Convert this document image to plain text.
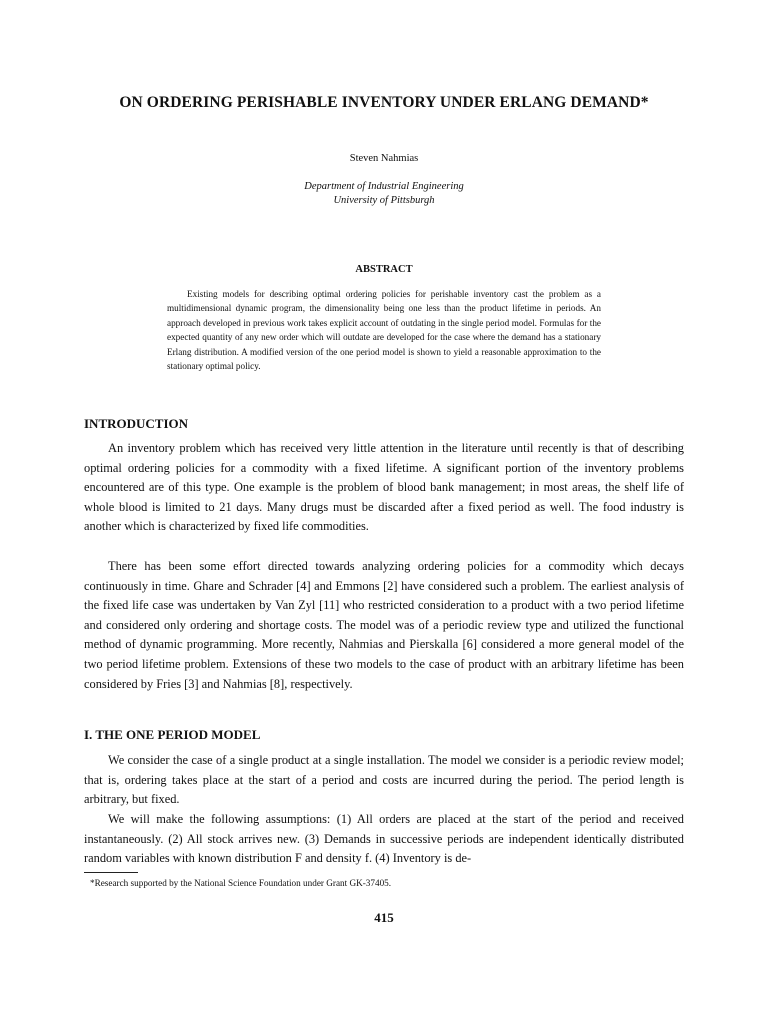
ON ORDERING PERISHABLE INVENTORY UNDER ERLANG DEMAND*
Steven Nahmias
Department of Industrial Engineering
University of Pittsburgh
ABSTRACT
Existing models for describing optimal ordering policies for perishable inventory cast the problem as a multidimensional dynamic program, the dimensionality being one less than the product lifetime in periods. An approach developed in previous work takes explicit account of outdating in the single period model. Formulas for the expected quantity of any new order which will outdate are developed for the case where the demand has a stationary Erlang distribution. A modified version of the one period model is shown to yield a reasonable approximation to the stationary optimal policy.
INTRODUCTION
An inventory problem which has received very little attention in the literature until recently is that of describing optimal ordering policies for a commodity with a fixed lifetime. A significant portion of the inventory problems encountered are of this type. One example is the problem of blood bank management; in most areas, the shelf life of whole blood is limited to 21 days. Many drugs must be discarded after a fixed period as well. The food industry is another which is characterized by fixed life commodities.
There has been some effort directed towards analyzing ordering policies for a commodity which decays continuously in time. Ghare and Schrader [4] and Emmons [2] have considered such a problem. The earliest analysis of the fixed life case was undertaken by Van Zyl [11] who restricted consideration to a product with a two period lifetime and considered only ordering and shortage costs. The model was of a periodic review type and utilized the functional method of dynamic programming. More recently, Nahmias and Pierskalla [6] considered a more general model of the two period lifetime problem. Extensions of these two models to the case of product with an arbitrary lifetime has been considered by Fries [3] and Nahmias [8], respectively.
I. THE ONE PERIOD MODEL
We consider the case of a single product at a single installation. The model we consider is a periodic review model; that is, ordering takes place at the start of a period and costs are incurred during the period. The period length is arbitrary, but fixed.
We will make the following assumptions: (1) All orders are placed at the start of the period and received instantaneously. (2) All stock arrives new. (3) Demands in successive periods are independent identically distributed random variables with known distribution F and density f. (4) Inventory is de-
*Research supported by the National Science Foundation under Grant GK-37405.
415
